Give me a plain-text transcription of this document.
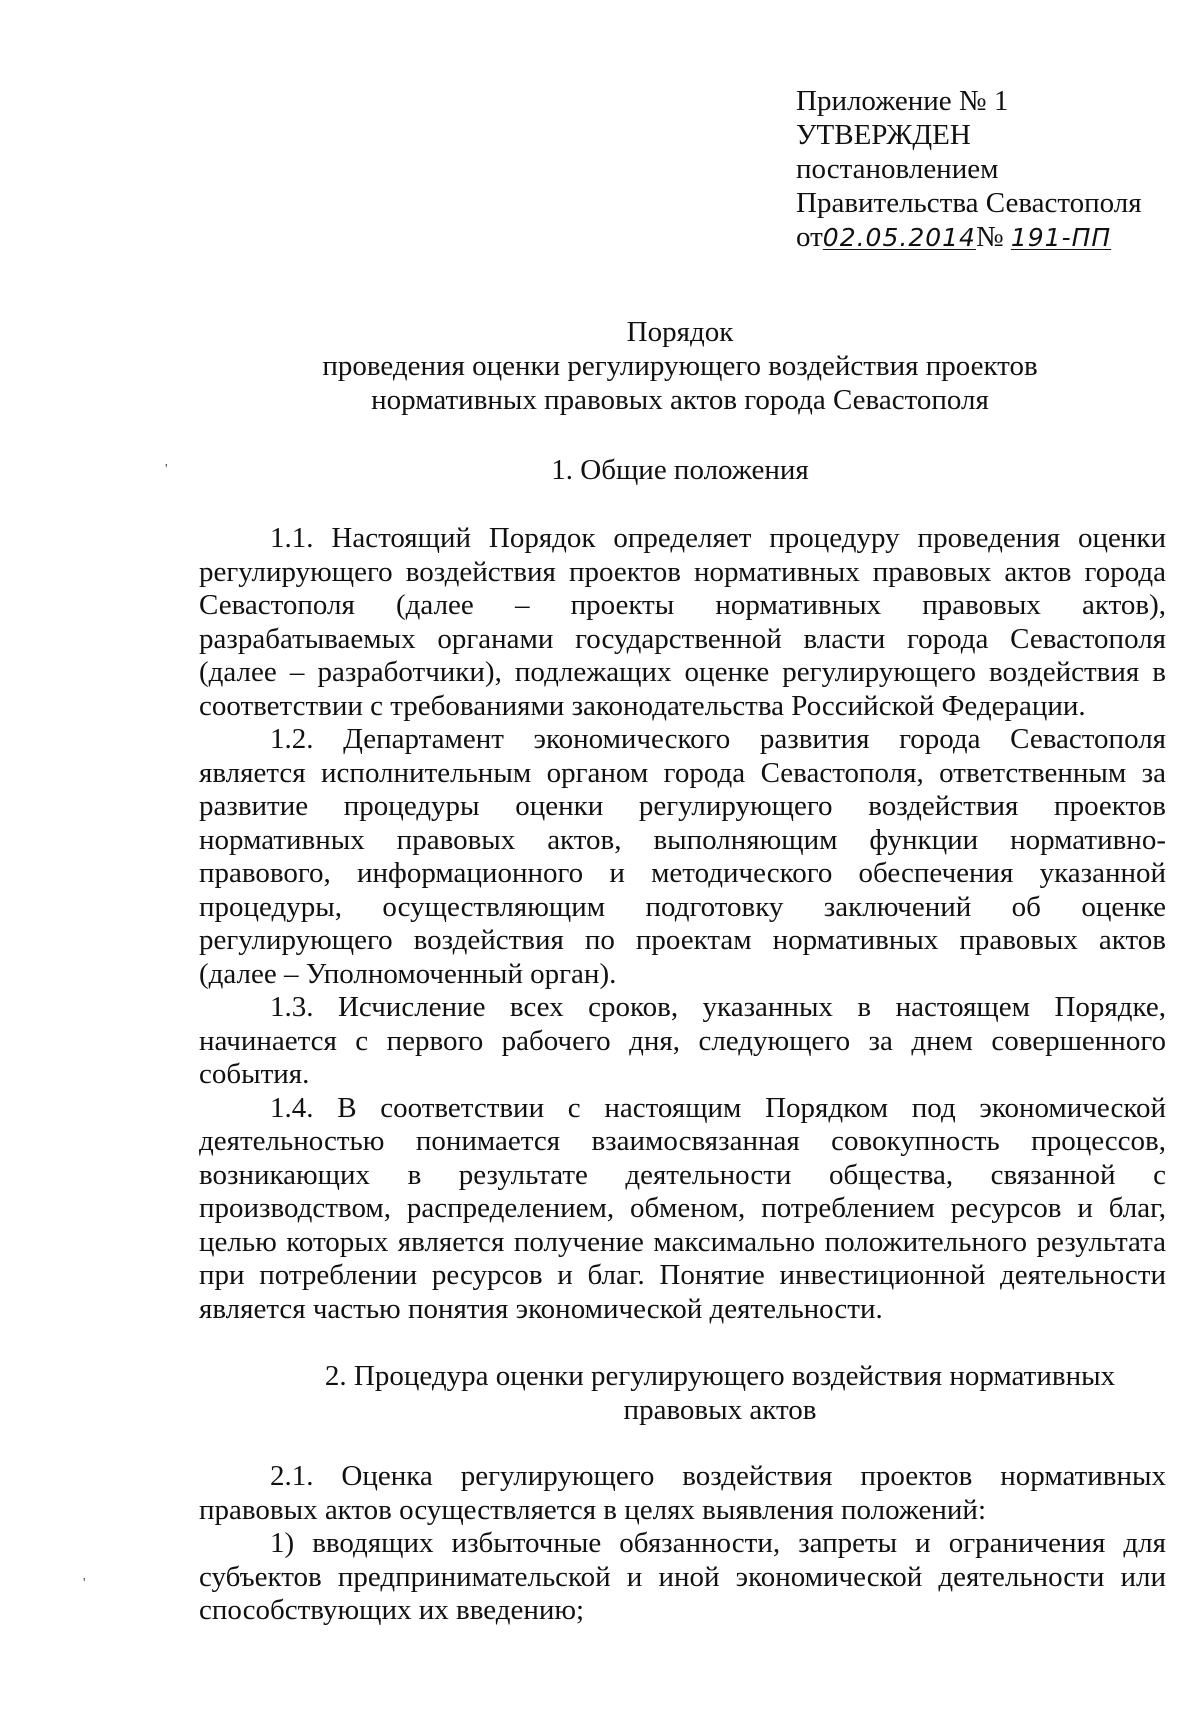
Приложение № 1
УТВЕРЖДЕН
постановлением
Правительства Севастополя
от02.05.2014№ 191-ПП
Порядок
проведения оценки регулирующего воздействия проектов
нормативных правовых актов города Севастополя
1. Общие положения

1.1. Настоящий Порядок определяет процедуру проведения оценки регулирующего воздействия проектов нормативных правовых актов города Севастополя (далее – проекты нормативных правовых актов), разрабатываемых органами государственной власти города Севастополя (далее – разработчики), подлежащих оценке регулирующего воздействия в соответствии с требованиями законодательства Российской Федерации.

1.2. Департамент экономического развития города Севастополя является исполнительным органом города Севастополя, ответственным за развитие процедуры оценки регулирующего воздействия проектов нормативных правовых актов, выполняющим функции нормативно-правового, информационного и методического обеспечения указанной процедуры, осуществляющим подготовку заключений об оценке регулирующего воздействия по проектам нормативных правовых актов (далее – Уполномоченный орган).

1.3. Исчисление всех сроков, указанных в настоящем Порядке, начинается с первого рабочего дня, следующего за днем совершенного события.

1.4. В соответствии с настоящим Порядком под экономической деятельностью понимается взаимосвязанная совокупность процессов, возникающих в результате деятельности общества, связанной с производством, распределением, обменом, потреблением ресурсов и благ, целью которых является получение максимально положительного результата при потреблении ресурсов и благ. Понятие инвестиционной деятельности является частью понятия экономической деятельности.

2. Процедура оценки регулирующего воздействия нормативных
правовых актов

2.1. Оценка регулирующего воздействия проектов нормативных правовых актов осуществляется в целях выявления положений:

1) вводящих избыточные обязанности, запреты и ограничения для субъектов предпринимательской и иной экономической деятельности или способствующих их введению;

'
'
